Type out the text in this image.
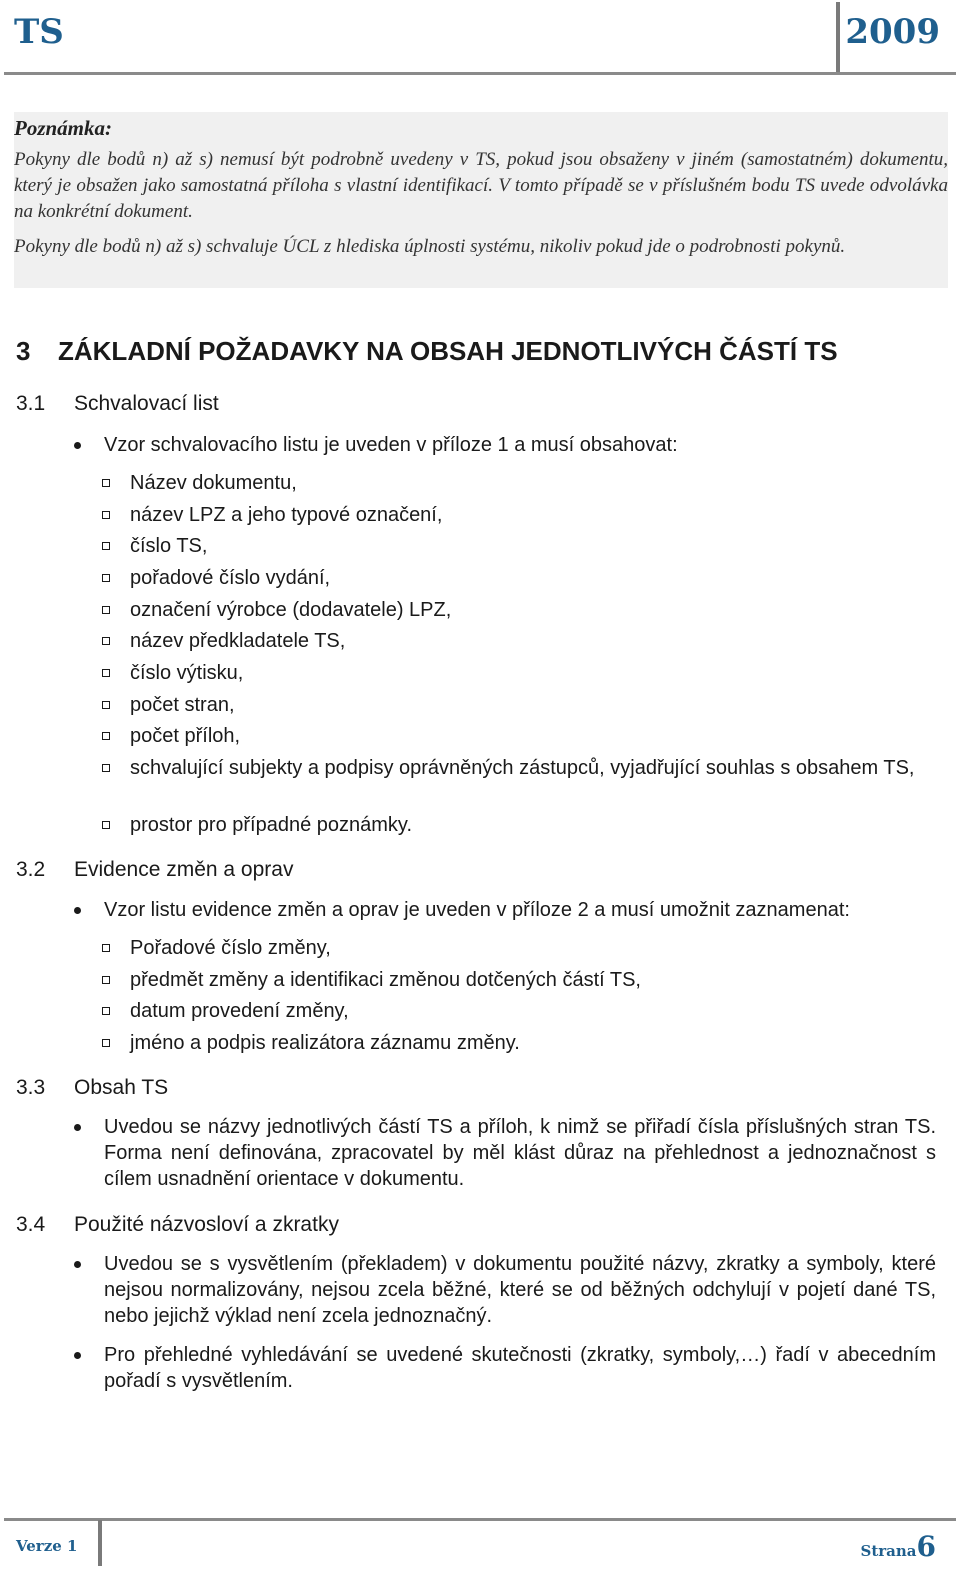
TS	2009
Poznámka:
Pokyny dle bodů n) až s) nemusí být podrobně uvedeny v TS, pokud jsou obsaženy v jiném (samostatném) dokumentu, který je obsažen jako samostatná příloha s vlastní identifikací. V tomto případě se v příslušném bodu TS uvede odvolávka na konkrétní dokument.
Pokyny dle bodů n) až s) schvaluje ÚCL z hlediska úplnosti systému, nikoliv pokud jde o podrobnosti pokynů.
3 ZÁKLADNÍ POŽADAVKY NA OBSAH JEDNOTLIVÝCH ČÁSTÍ TS
3.1 Schvalovací list
Vzor schvalovacího listu je uveden v příloze 1 a musí obsahovat:
Název dokumentu,
název LPZ a jeho typové označení,
číslo TS,
pořadové číslo vydání,
označení výrobce (dodavatele) LPZ,
název předkladatele TS,
číslo výtisku,
počet stran,
počet příloh,
schvalující subjekty a podpisy oprávněných zástupců, vyjadřující souhlas s obsahem TS,
prostor pro případné poznámky.
3.2 Evidence změn a oprav
Vzor listu evidence změn a oprav je uveden v příloze 2 a musí umožnit zaznamenat:
Pořadové číslo změny,
předmět změny a identifikaci změnou dotčených částí TS,
datum provedení změny,
jméno a podpis realizátora záznamu změny.
3.3 Obsah TS
Uvedou se názvy jednotlivých částí TS a příloh, k nimž se přiřadí čísla příslušných stran TS. Forma není definována, zpracovatel by měl klást důraz na přehlednost a jednoznačnost s cílem usnadnění orientace v dokumentu.
3.4 Použité názvosloví a zkratky
Uvedou se s vysvětlením (překladem) v dokumentu použité názvy, zkratky a symboly, které nejsou normalizovány, nejsou zcela běžné, které se od běžných odchylují v pojetí dané TS, nebo jejichž výklad není zcela jednoznačný.
Pro přehledné vyhledávání se uvedené skutečnosti (zkratky, symboly,…) řadí v abecedním pořadí s vysvětlením.
Verze 1	Strana6
